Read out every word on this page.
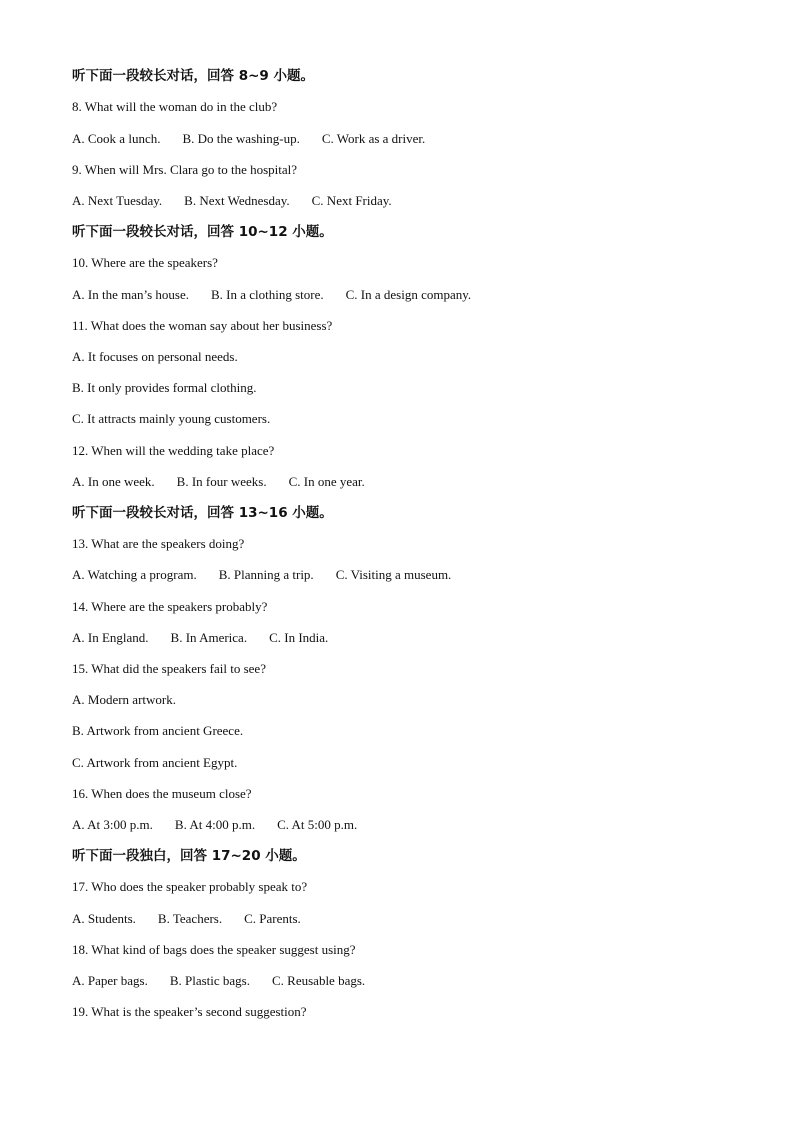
听下面一段较长对话，回答 8~9 小题。
8. What will the woman do in the club?
A. Cook a lunch. B. Do the washing-up. C. Work as a driver.
9. When will Mrs. Clara go to the hospital?
A. Next Tuesday. B. Next Wednesday. C. Next Friday.
听下面一段较长对话，回答 10~12 小题。
10. Where are the speakers?
A. In the man’s house. B. In a clothing store. C. In a design company.
11. What does the woman say about her business?
A. It focuses on personal needs.
B. It only provides formal clothing.
C. It attracts mainly young customers.
12. When will the wedding take place?
A. In one week. B. In four weeks. C. In one year.
听下面一段较长对话，回答 13~16 小题。
13. What are the speakers doing?
A. Watching a program. B. Planning a trip. C. Visiting a museum.
14. Where are the speakers probably?
A. In England. B. In America. C. In India.
15. What did the speakers fail to see?
A. Modern artwork.
B. Artwork from ancient Greece.
C. Artwork from ancient Egypt.
16. When does the museum close?
A. At 3:00 p.m. B. At 4:00 p.m. C. At 5:00 p.m.
听下面一段独白，回答 17~20 小题。
17. Who does the speaker probably speak to?
A. Students. B. Teachers. C. Parents.
18. What kind of bags does the speaker suggest using?
A. Paper bags. B. Plastic bags. C. Reusable bags.
19. What is the speaker’s second suggestion?
